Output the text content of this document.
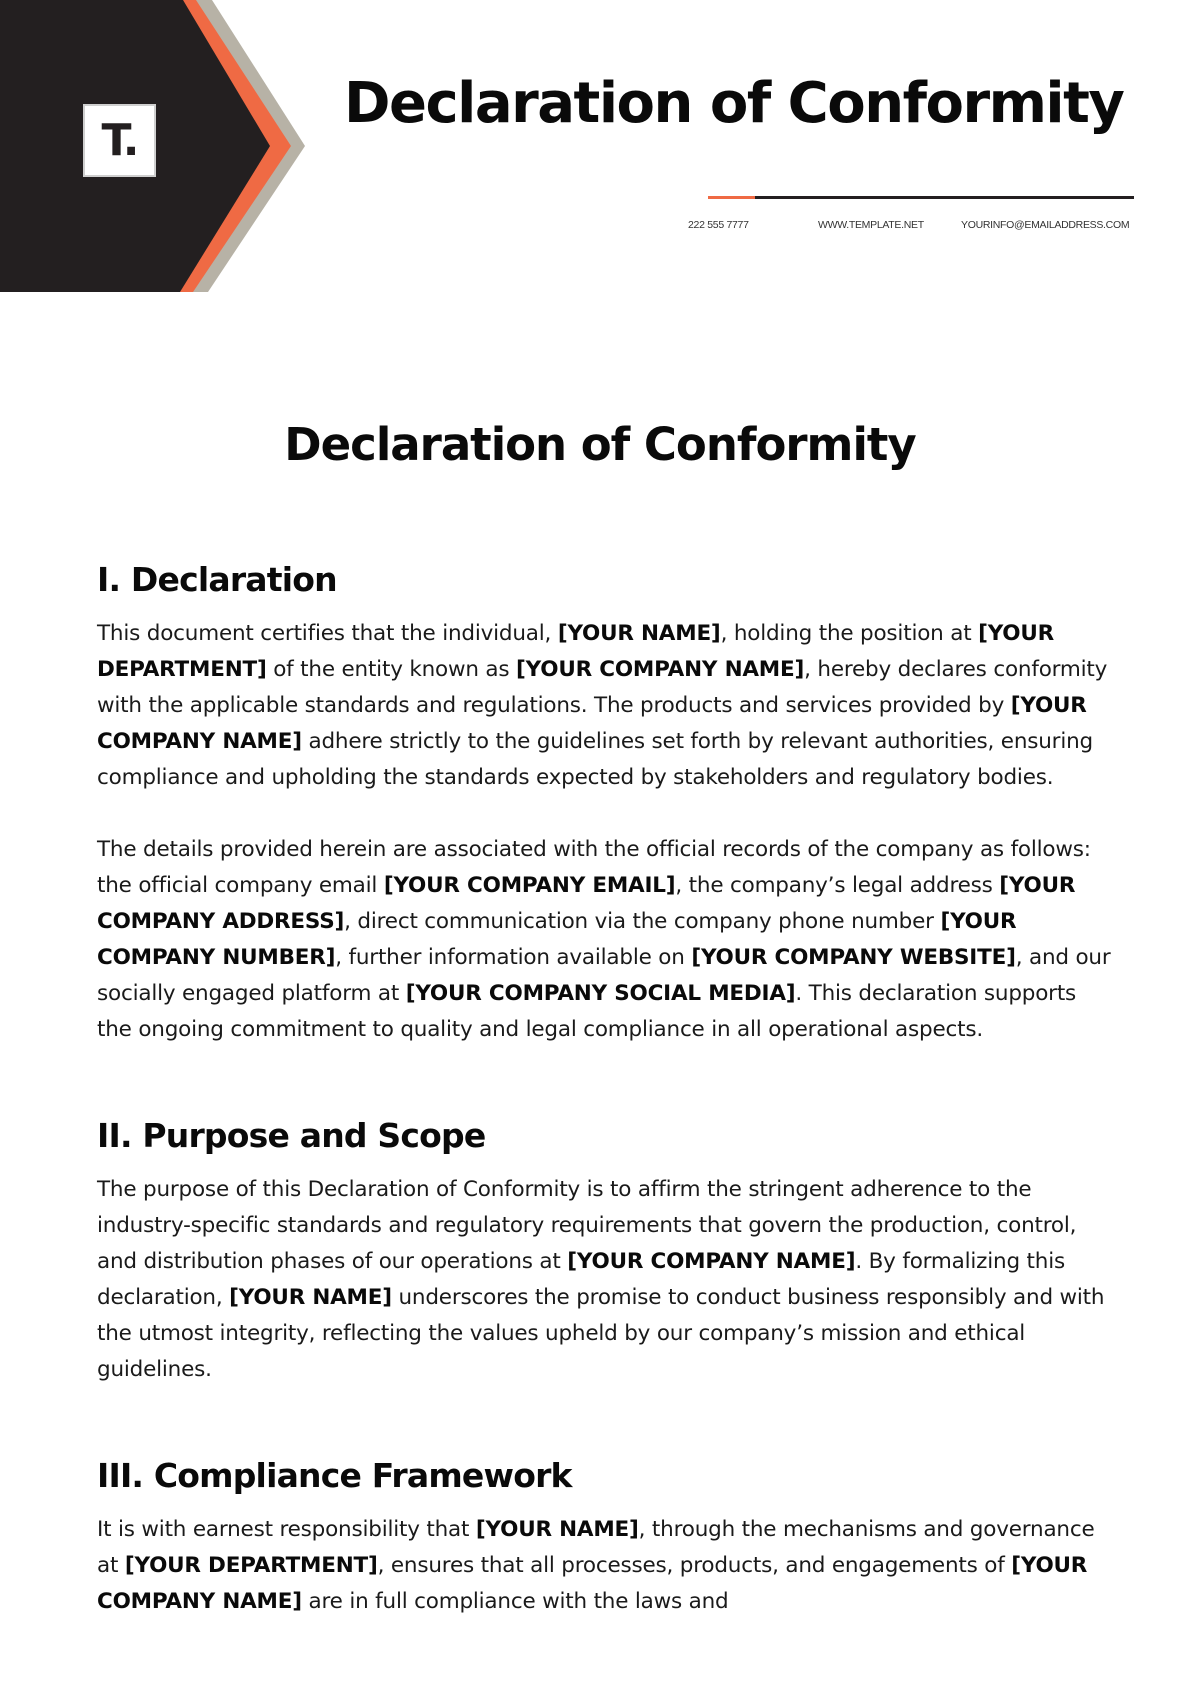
T.
Declaration of Conformity
222 555 7777	WWW.TEMPLATE.NET	YOURINFO@EMAILADDRESS.COM
Declaration of Conformity
I. Declaration

This document certifies that the individual, [YOUR NAME], holding the position at [YOUR DEPARTMENT] of the entity known as [YOUR COMPANY NAME], hereby declares conformity with the applicable standards and regulations. The products and services provided by [YOUR COMPANY NAME] adhere strictly to the guidelines set forth by relevant authorities, ensuring compliance and upholding the standards expected by stakeholders and regulatory bodies.

The details provided herein are associated with the official records of the company as follows: the official company email [YOUR COMPANY EMAIL], the company’s legal address [YOUR COMPANY ADDRESS], direct communication via the company phone number [YOUR COMPANY NUMBER], further information available on [YOUR COMPANY WEBSITE], and our socially engaged platform at [YOUR COMPANY SOCIAL MEDIA]. This declaration supports the ongoing commitment to quality and legal compliance in all operational aspects.

II. Purpose and Scope

The purpose of this Declaration of Conformity is to affirm the stringent adherence to the industry-specific standards and regulatory requirements that govern the production, control, and distribution phases of our operations at [YOUR COMPANY NAME]. By formalizing this declaration, [YOUR NAME] underscores the promise to conduct business responsibly and with the utmost integrity, reflecting the values upheld by our company’s mission and ethical guidelines.

III. Compliance Framework

It is with earnest responsibility that [YOUR NAME], through the mechanisms and governance at [YOUR DEPARTMENT], ensures that all processes, products, and engagements of [YOUR COMPANY NAME] are in full compliance with the laws and
